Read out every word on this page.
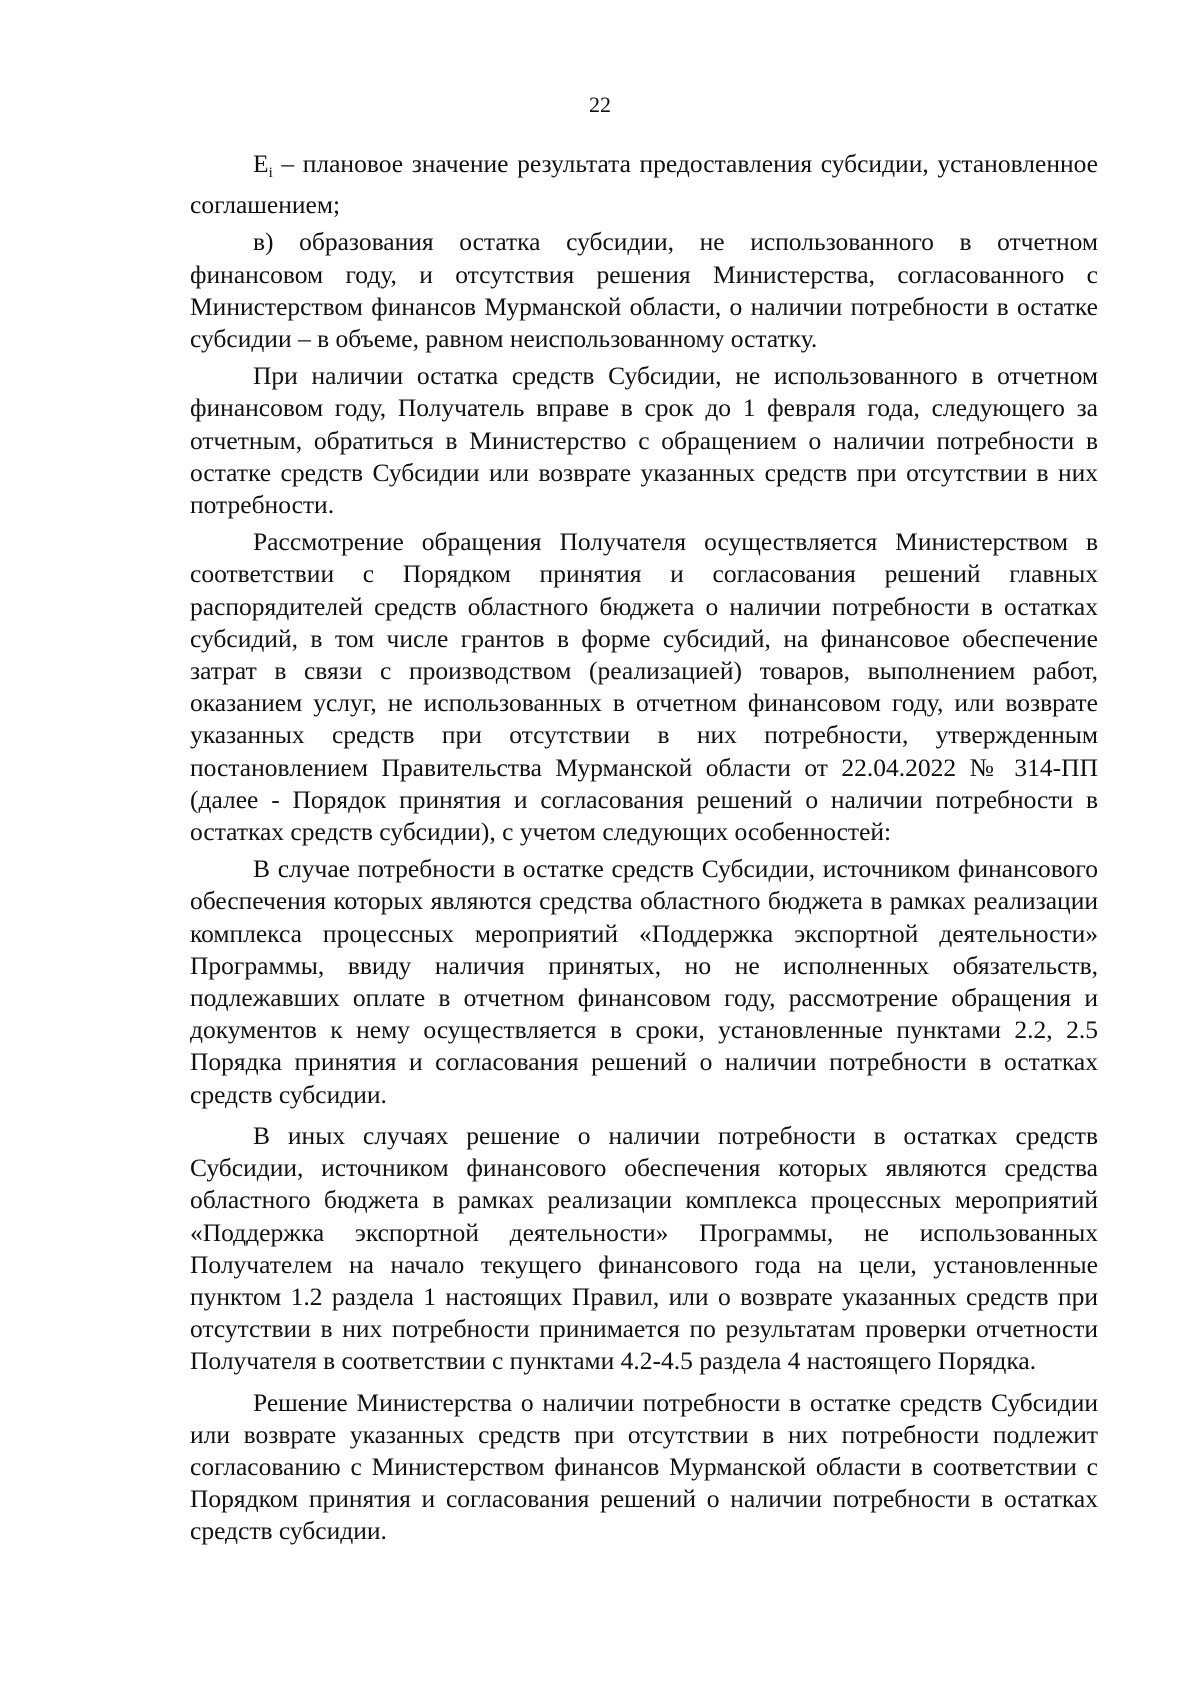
22

$E_i$ – плановое значение результата предоставления субсидии, установленное соглашением;

в) образования остатка субсидии, не использованного в отчетном финансовом году, и отсутствия решения Министерства, согласованного с Министерством финансов Мурманской области, о наличии потребности в остатке субсидии – в объеме, равном неиспользованному остатку.

При наличии остатка средств Субсидии, не использованного в отчетном финансовом году, Получатель вправе в срок до 1 февраля года, следующего за отчетным, обратиться в Министерство с обращением о наличии потребности в остатке средств Субсидии или возврате указанных средств при отсутствии в них потребности.

Рассмотрение обращения Получателя осуществляется Министерством в соответствии с Порядком принятия и согласования решений главных распорядителей средств областного бюджета о наличии потребности в остатках субсидий, в том числе грантов в форме субсидий, на финансовое обеспечение затрат в связи с производством (реализацией) товаров, выполнением работ, оказанием услуг, не использованных в отчетном финансовом году, или возврате указанных средств при отсутствии в них потребности, утвержденным постановлением Правительства Мурманской области от 22.04.2022 № 314-ПП (далее - Порядок принятия и согласования решений о наличии потребности в остатках средств субсидии), с учетом следующих особенностей:

В случае потребности в остатке средств Субсидии, источником финансового обеспечения которых являются средства областного бюджета в рамках реализации комплекса процессных мероприятий «Поддержка экспортной деятельности» Программы, ввиду наличия принятых, но не исполненных обязательств, подлежавших оплате в отчетном финансовом году, рассмотрение обращения и документов к нему осуществляется в сроки, установленные пунктами 2.2, 2.5 Порядка принятия и согласования решений о наличии потребности в остатках средств субсидии.

В иных случаях решение о наличии потребности в остатках средств Субсидии, источником финансового обеспечения которых являются средства областного бюджета в рамках реализации комплекса процессных мероприятий «Поддержка экспортной деятельности» Программы, не использованных Получателем на начало текущего финансового года на цели, установленные пунктом 1.2 раздела 1 настоящих Правил, или о возврате указанных средств при отсутствии в них потребности принимается по результатам проверки отчетности Получателя в соответствии с пунктами 4.2-4.5 раздела 4 настоящего Порядка.

Решение Министерства о наличии потребности в остатке средств Субсидии или возврате указанных средств при отсутствии в них потребности подлежит согласованию с Министерством финансов Мурманской области в соответствии с Порядком принятия и согласования решений о наличии потребности в остатках средств субсидии.
